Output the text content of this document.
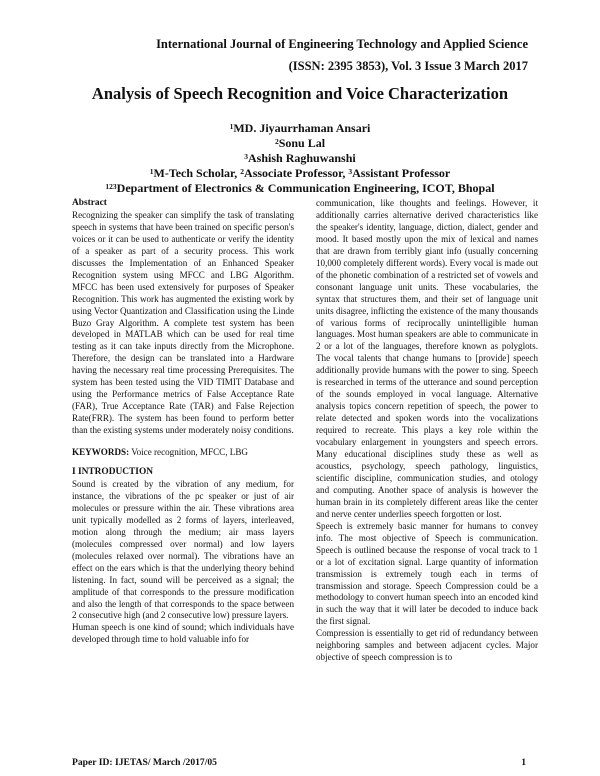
International Journal of Engineering Technology and Applied Science
(ISSN: 2395 3853), Vol. 3 Issue 3 March 2017
Analysis of Speech Recognition and Voice Characterization
$^1$MD. Jiyaurrhaman Ansari
$^2$Sonu Lal
$^3$Ashish Raghuwanshi
$^1$M-Tech Scholar, $^2$Associate Professor, $^3$Assistant Professor
$^{123}$Department of Electronics & Communication Engineering, ICOT, Bhopal
Abstract

Recognizing the speaker can simplify the task of translating speech in systems that have been trained on specific person's voices or it can be used to authenticate or verify the identity of a speaker as part of a security process. This work discusses the Implementation of an Enhanced Speaker Recognition system using MFCC and LBG Algorithm. MFCC has been used extensively for purposes of Speaker Recognition. This work has augmented the existing work by using Vector Quantization and Classification using the Linde Buzo Gray Algorithm. A complete test system has been developed in MATLAB which can be used for real time testing as it can take inputs directly from the Microphone. Therefore, the design can be translated into a Hardware having the necessary real time processing Prerequisites. The system has been tested using the VID TIMIT Database and using the Performance metrics of False Acceptance Rate (FAR), True Acceptance Rate (TAR) and False Rejection Rate(FRR). The system has been found to perform better than the existing systems under moderately noisy conditions.

KEYWORDS: Voice recognition, MFCC, LBG

I INTRODUCTION

Sound is created by the vibration of any medium, for instance, the vibrations of the pc speaker or just of air molecules or pressure within the air. These vibrations area unit typically modelled as 2 forms of layers, interleaved, motion along through the medium; air mass layers (molecules compressed over normal) and low layers (molecules relaxed over normal). The vibrations have an effect on the ears which is that the underlying theory behind listening. In fact, sound will be perceived as a signal; the amplitude of that corresponds to the pressure modification and also the length of that corresponds to the space between 2 consecutive high (and 2 consecutive low) pressure layers.

Human speech is one kind of sound; which individuals have developed through time to hold valuable info for

communication, like thoughts and feelings. However, it additionally carries alternative derived characteristics like the speaker's identity, language, diction, dialect, gender and mood. It based mostly upon the mix of lexical and names that are drawn from terribly giant info (usually concerning 10,000 completely different words). Every vocal is made out of the phonetic combination of a restricted set of vowels and consonant language unit units. These vocabularies, the syntax that structures them, and their set of language unit units disagree, inflicting the existence of the many thousands of various forms of reciprocally unintelligible human languages. Most human speakers are able to communicate in 2 or a lot of the languages, therefore known as polyglots. The vocal talents that change humans to [provide] speech additionally provide humans with the power to sing. Speech is researched in terms of the utterance and sound perception of the sounds employed in vocal language. Alternative analysis topics concern repetition of speech, the power to relate detected and spoken words into the vocalizations required to recreate. This plays a key role within the vocabulary enlargement in youngsters and speech errors. Many educational disciplines study these as well as acoustics, psychology, speech pathology, linguistics, scientific discipline, communication studies, and otology and computing. Another space of analysis is however the human brain in its completely different areas like the center and nerve center underlies speech forgotten or lost.

Speech is extremely basic manner for humans to convey info. The most objective of Speech is communication. Speech is outlined because the response of vocal track to 1 or a lot of excitation signal. Large quantity of information transmission is extremely tough each in terms of transmission and storage. Speech Compression could be a methodology to convert human speech into an encoded kind in such the way that it will later be decoded to induce back the first signal.

Compression is essentially to get rid of redundancy between neighboring samples and between adjacent cycles. Major objective of speech compression is to

Paper ID: IJETAS/ March /2017/05	1
